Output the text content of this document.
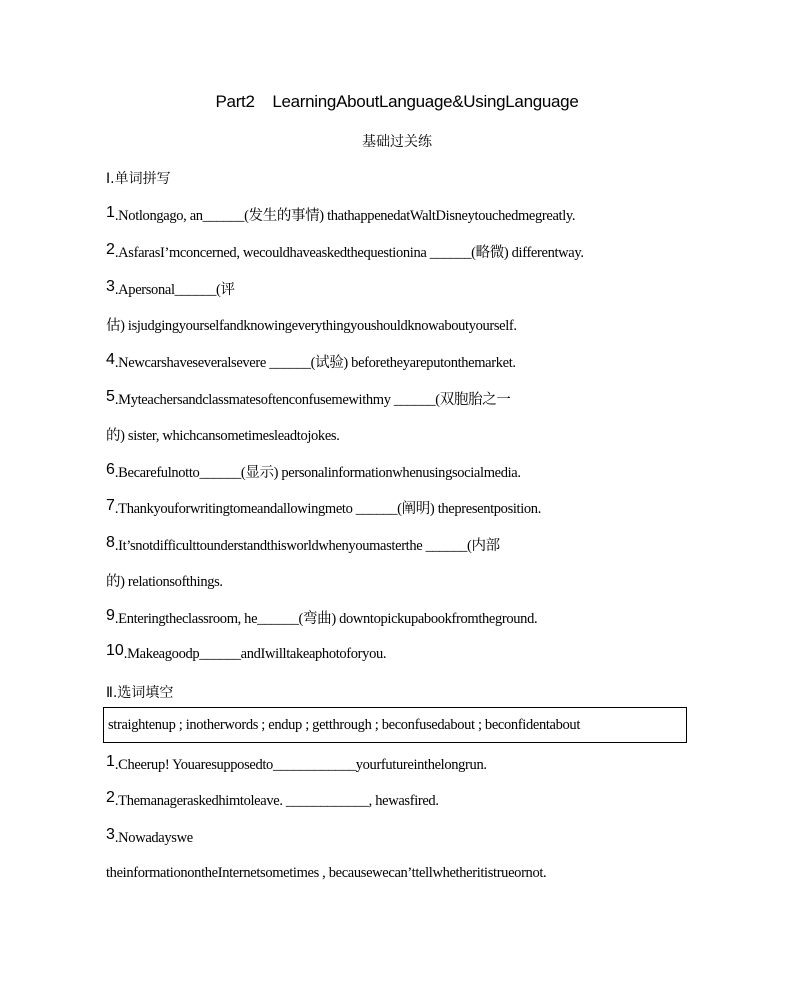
Part2    LearningAboutLanguage&UsingLanguage
基础过关练
Ⅰ.单词拼写
1.Notlongago, an______(发生的事情) thathappenedatWaltDisneytouchedmegreatly.
2.AsfarasI’mconcerned, wecouldhaveaskedthequestionina ______(略微) differentway.
3.Apersonal______(评
估) isjudgingyourselfandknowingeverythingyoushouldknowaboutyourself.
4.Newcarshaveseveralsevere ______(试验) beforetheyareputonthemarket.
5.Myteachersandclassmatesoftenconfusemewithmy ______(双胞胎之一
的) sister, whichcansometimesleadtojokes.
6.Becarefulnotto______(显示) personalinformationwhenusingsocialmedia.
7.Thankyouforwritingtomeandallowingmeto ______(阐明) thepresentposition.
8.It’snotdifficulttounderstandthisworldwhenyoumasterthe ______(内部
的) relationsofthings.
9.Enteringtheclassroom, he______(弯曲) downtopickupabookfromtheground.
10.Makeagoodp______andIwilltakeaphotoforyou.
Ⅱ.选词填空
straightenup ; inotherwords ; endup ; getthrough ; beconfusedabout ; beconfidentabout
1.Cheerup! Youaresupposedto____________yourfutureinthelongrun.
2.Themanageraskedhimtoleave. ____________, hewasfired.
3.Nowadayswe
theinformationontheInternetsometimes , becausewecan’ttellwhetheritistrueornot.
